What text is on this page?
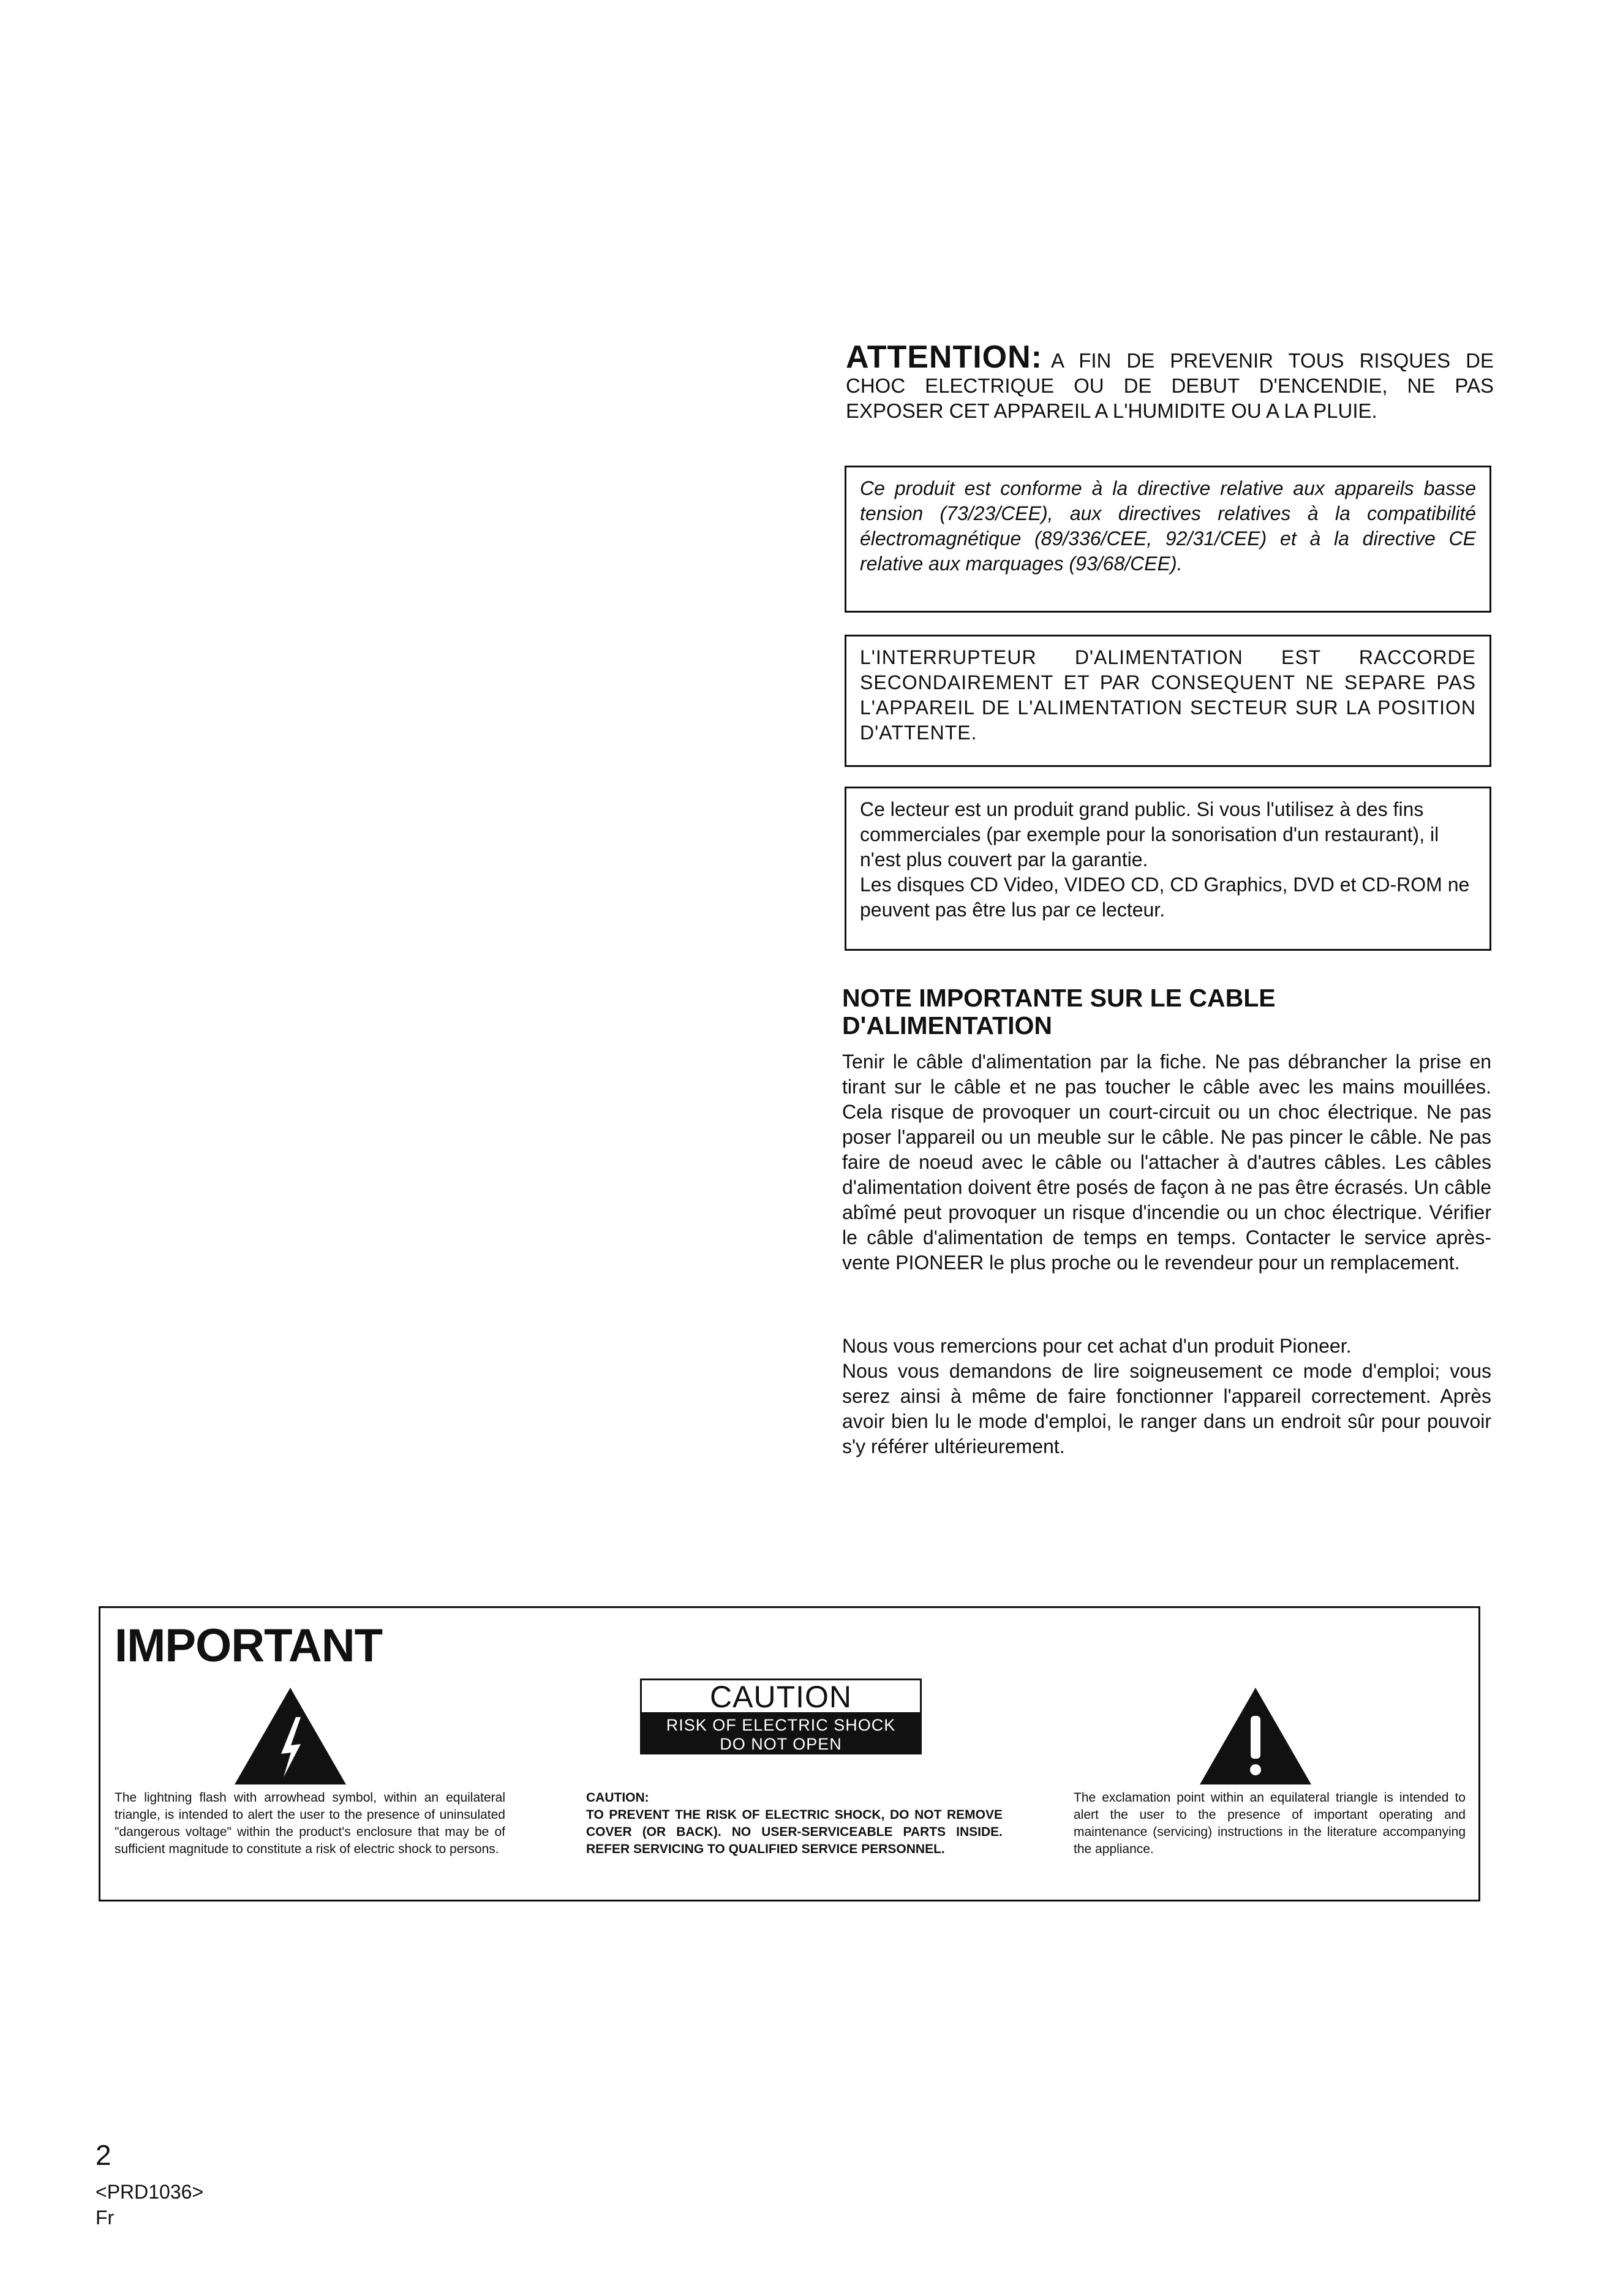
ATTENTION: A FIN DE PREVENIR TOUS RISQUES DE CHOC ELECTRIQUE OU DE DEBUT D'ENCENDIE, NE PAS EXPOSER CET APPAREIL A L'HUMIDITE OU A LA PLUIE.
Ce produit est conforme à la directive relative aux appareils basse tension (73/23/CEE), aux directives relatives à la compatibilité électromagnétique (89/336/CEE, 92/31/CEE) et à la directive CE relative aux marquages (93/68/CEE).
L'INTERRUPTEUR D'ALIMENTATION EST RACCORDE SECONDAIREMENT ET PAR CONSEQUENT NE SEPARE PAS L'APPAREIL DE L'ALIMENTATION SECTEUR SUR LA POSITION D'ATTENTE.
Ce lecteur est un produit grand public. Si vous l'utilisez à des fins commerciales (par exemple pour la sonorisation d'un restaurant), il n'est plus couvert par la garantie.
Les disques CD Video, VIDEO CD, CD Graphics, DVD et CD-ROM ne peuvent pas être lus par ce lecteur.
NOTE IMPORTANTE SUR LE CABLE D'ALIMENTATION
Tenir le câble d'alimentation par la fiche. Ne pas débrancher la prise en tirant sur le câble et ne pas toucher le câble avec les mains mouillées. Cela risque de provoquer un court-circuit ou un choc électrique. Ne pas poser l'appareil ou un meuble sur le câble. Ne pas pincer le câble. Ne pas faire de noeud avec le câble ou l'attacher à d'autres câbles. Les câbles d'alimentation doivent être posés de façon à ne pas être écrasés. Un câble abîmé peut provoquer un risque d'incendie ou un choc électrique. Vérifier le câble d'alimentation de temps en temps. Contacter le service après-vente PIONEER le plus proche ou le revendeur pour un remplacement.
Nous vous remercions pour cet achat d'un produit Pioneer.
Nous vous demandons de lire soigneusement ce mode d'emploi; vous serez ainsi à même de faire fonctionner l'appareil correctement. Après avoir bien lu le mode d'emploi, le ranger dans un endroit sûr pour pouvoir s'y référer ultérieurement.
IMPORTANT
CAUTION
RISK OF ELECTRIC SHOCK
DO NOT OPEN
The lightning flash with arrowhead symbol, within an equilateral triangle, is intended to alert the user to the presence of uninsulated "dangerous voltage" within the product's enclosure that may be of sufficient magnitude to constitute a risk of electric shock to persons.
CAUTION:
TO PREVENT THE RISK OF ELECTRIC SHOCK, DO NOT REMOVE COVER (OR BACK). NO USER-SERVICEABLE PARTS INSIDE. REFER SERVICING TO QUALIFIED SERVICE PERSONNEL.
The exclamation point within an equilateral triangle is intended to alert the user to the presence of important operating and maintenance (servicing) instructions in the literature accompanying the appliance.
2
<PRD1036>
Fr
